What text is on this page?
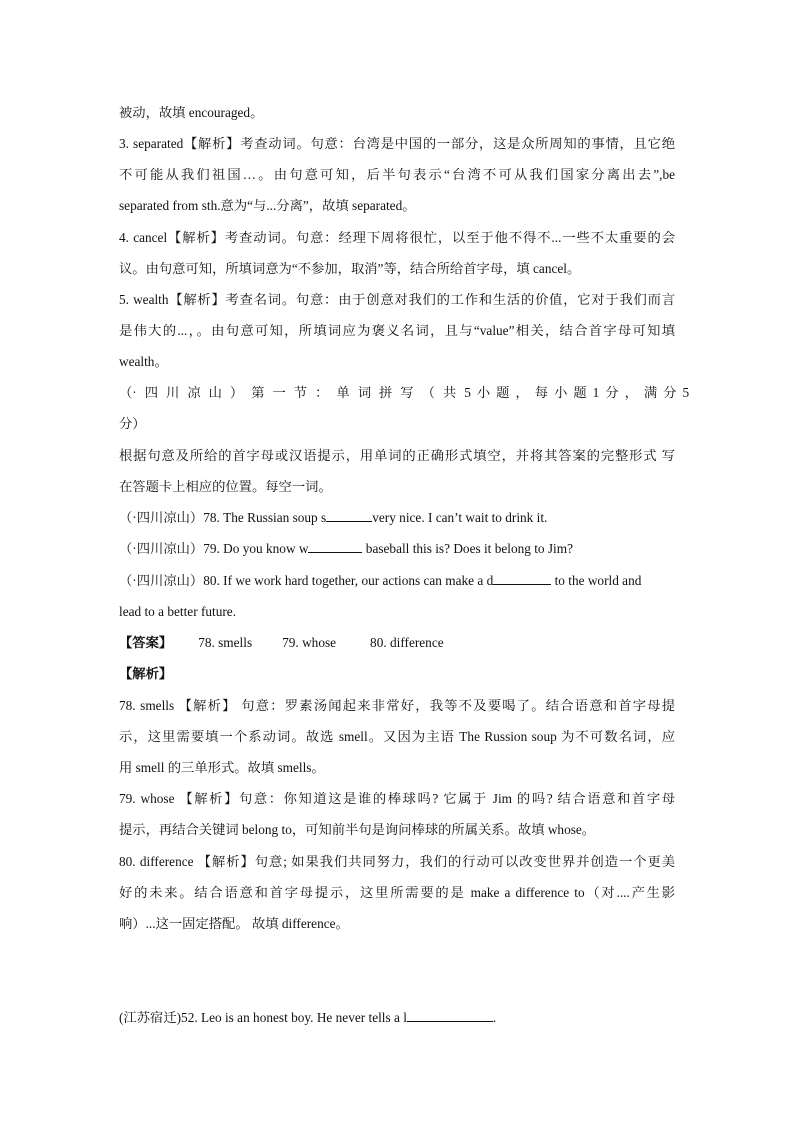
被动，故填 encouraged。
3. separated【解析】考查动词。句意：台湾是中国的一部分，这是众所周知的事情，且它绝
不可能从我们祖国…。由句意可知，后半句表示“台湾不可从我们国家分离出去”,be
separated from sth.意为“与...分离”，故填 separated。
4. cancel【解析】考查动词。句意：经理下周将很忙，以至于他不得不...一些不太重要的会
议。由句意可知，所填词意为“不参加，取消”等，结合所给首字母，填 cancel。
5. wealth【解析】考查名词。句意：由于创意对我们的工作和生活的价值，它对于我们而言
是伟大的...，。由句意可知，所填词应为褒义名词，且与“value”相关，结合首字母可知填
wealth。
（ ·四川凉山）第一节：单词拼写（共 5小题， 每小题 1分， 满分 5
分）
根据句意及所给的首字母或汉语提示，用单词的正确形式填空，并将其答案的完整形式 写
在答题卡上相应的位置。每空一词。
（·四川凉山）78. The Russian soup s	very nice. I can’t wait to drink it.
（·四川凉山）79. Do you know w	baseball this is? Does it belong to Jim?
（·四川凉山）80. If we work hard together, our actions can make a d	to the world and
lead to a better future.
【答案】 78. smells 79. whose	80. difference
【解析】
78. smells 【解析】 句意：罗素汤闻起来非常好，我等不及要喝了。结合语意和首字母提
示，这里需要填一个系动词。故选 smell。又因为主语 The Russion soup 为不可数名词，应
用 smell 的三单形式。故填 smells。
79. whose 【解析】句意：你知道这是谁的棒球吗? 它属于 Jim 的吗? 结合语意和首字母
提示，再结合关键词 belong to，可知前半句是询问棒球的所属关系。故填 whose。
80. difference 【解析】句意; 如果我们共同努力，我们的行动可以改变世界并创造一个更美
好的未来。结合语意和首字母提示，这里所需要的是 make a difference to（对....产生影
响）...这一固定搭配。 故填 difference。
(江苏宿迁)52. Leo is an honest boy. He never tells a l	.
